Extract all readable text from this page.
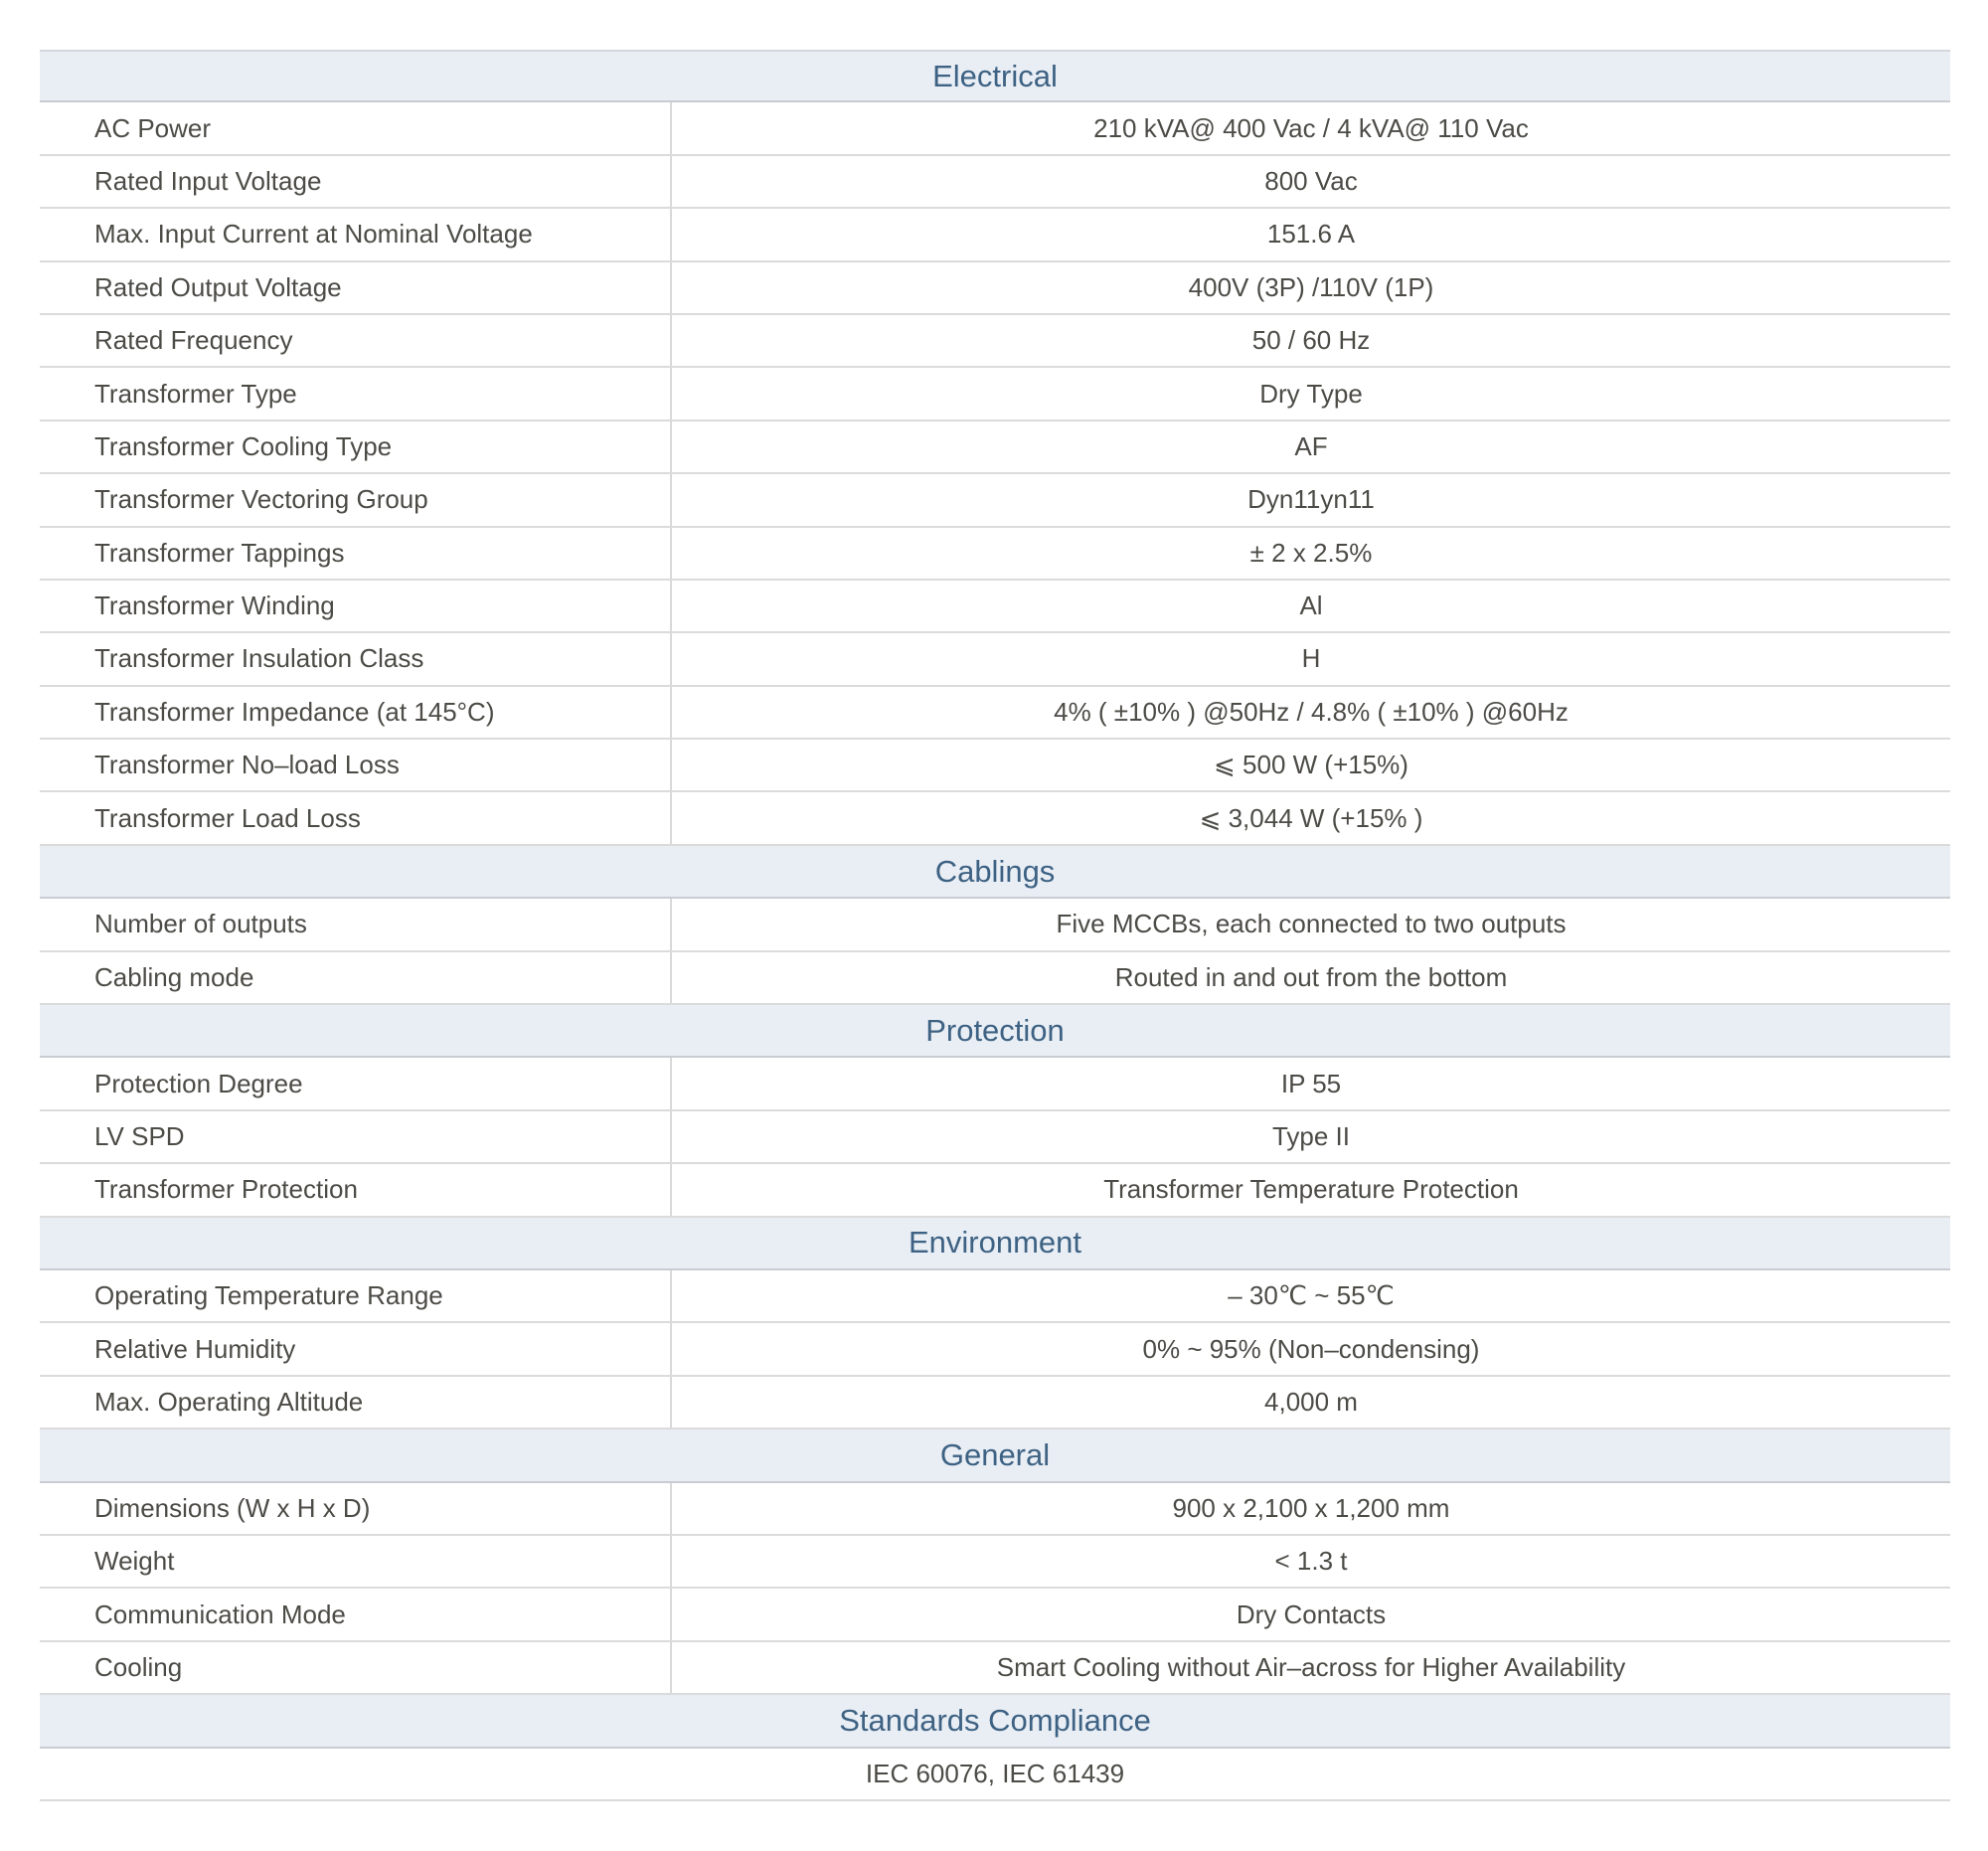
Electrical
AC Power	210 kVA@ 400 Vac / 4 kVA@ 110 Vac
Rated Input Voltage	800 Vac
Max. Input Current at Nominal Voltage	151.6 A
Rated Output Voltage	400V (3P) /110V (1P)
Rated Frequency	50 / 60 Hz
Transformer Type	Dry Type
Transformer Cooling Type	AF
Transformer Vectoring Group	Dyn11yn11
Transformer Tappings	± 2 x 2.5%
Transformer Winding	Al
Transformer Insulation Class	H
Transformer Impedance (at 145°C)	4% ( ±10% ) @50Hz / 4.8% ( ±10% ) @60Hz
Transformer No–load Loss	⩽ 500 W (+15%)
Transformer Load Loss	⩽ 3,044 W (+15% )
Cablings
Number of outputs	Five MCCBs, each connected to two outputs
Cabling mode	Routed in and out from the bottom
Protection
Protection Degree	IP 55
LV SPD	Type II
Transformer Protection	Transformer Temperature Protection
Environment
Operating Temperature Range	– 30℃ ~ 55℃
Relative Humidity	0% ~ 95% (Non–condensing)
Max. Operating Altitude	4,000 m
General
Dimensions (W x H x D)	900 x 2,100 x 1,200 mm
Weight	< 1.3 t
Communication Mode	Dry Contacts
Cooling	Smart Cooling without Air–across for Higher Availability
Standards Compliance
IEC 60076, IEC 61439
